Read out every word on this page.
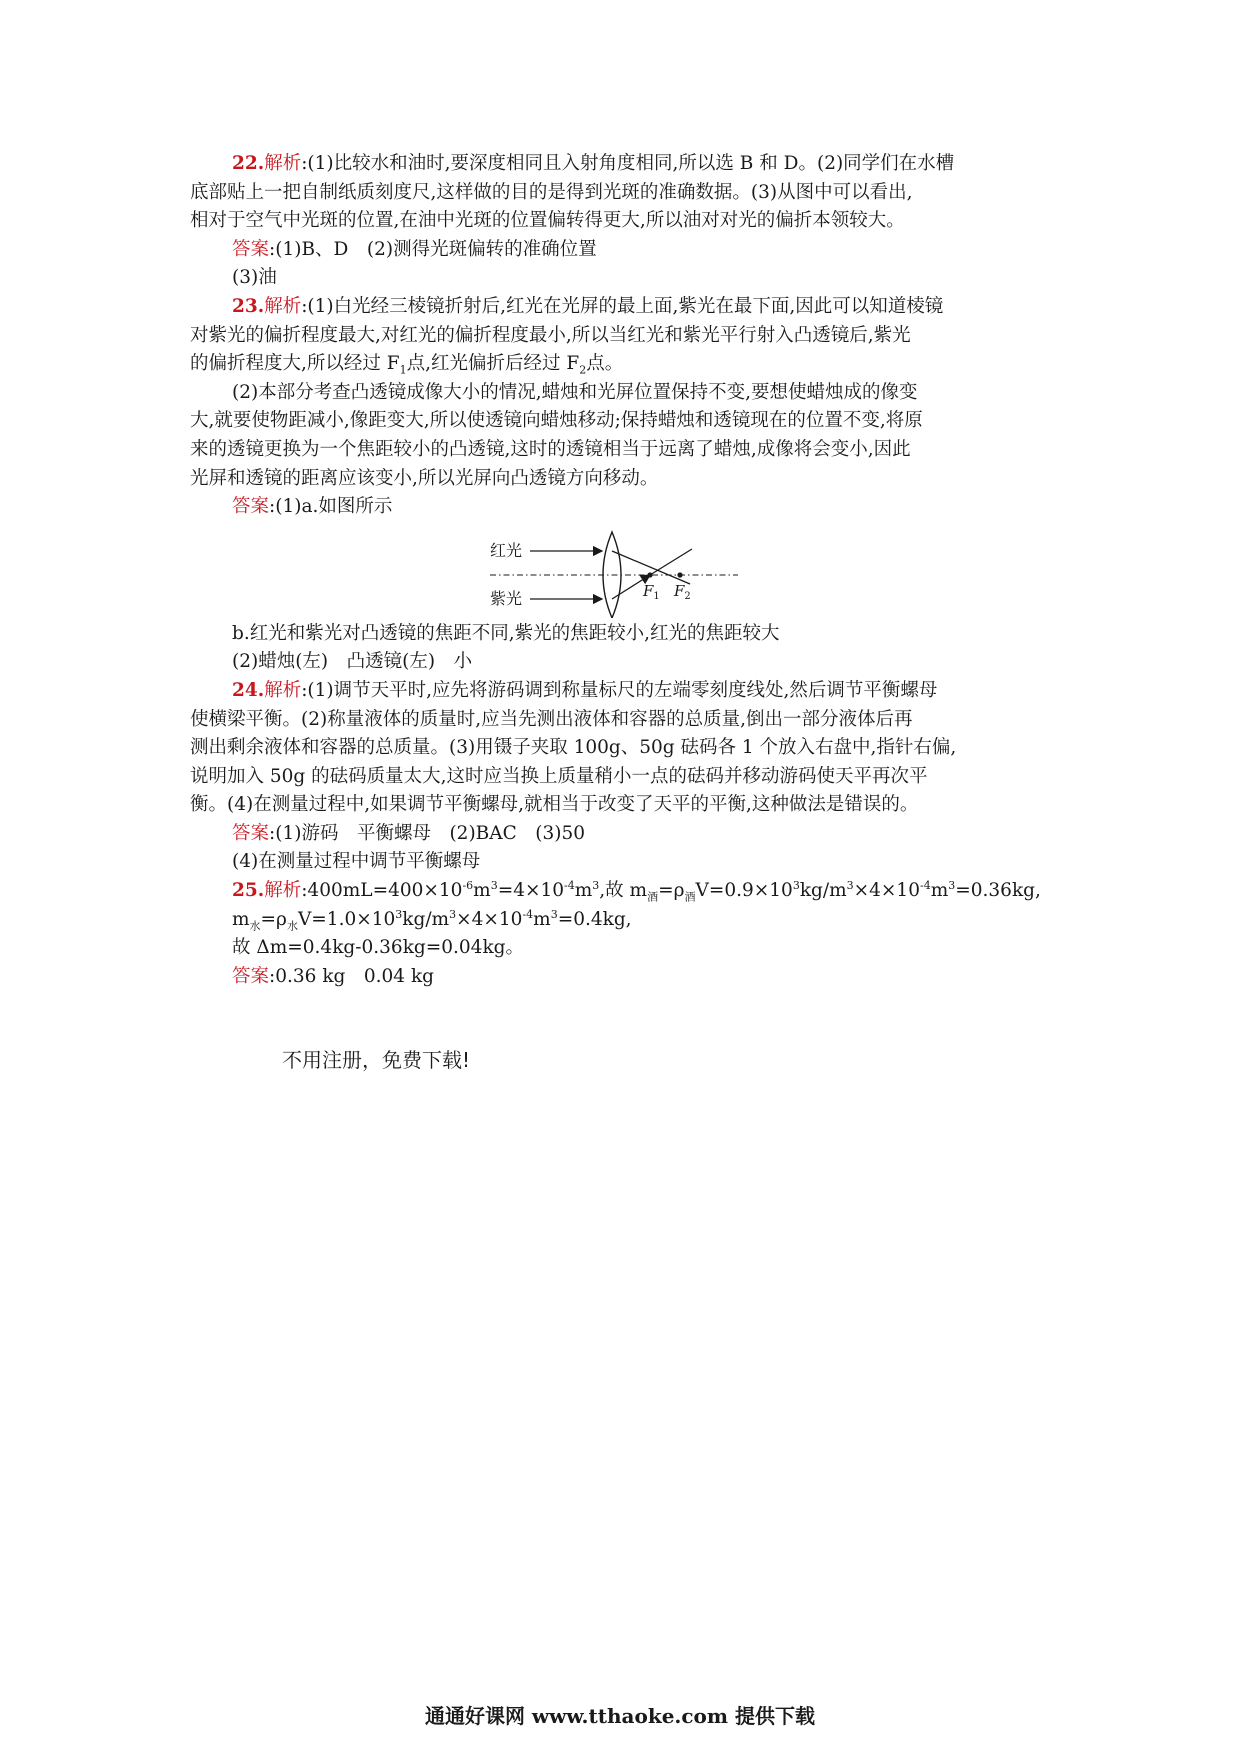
22.解析:(1)比较水和油时,要深度相同且入射角度相同,所以选 B 和 D。(2)同学们在水槽

底部贴上一把自制纸质刻度尺,这样做的目的是得到光斑的准确数据。(3)从图中可以看出,

相对于空气中光斑的位置,在油中光斑的位置偏转得更大,所以油对对光的偏折本领较大。

答案:(1)B、D　(2)测得光斑偏转的准确位置

(3)油

23.解析:(1)白光经三棱镜折射后,红光在光屏的最上面,紫光在最下面,因此可以知道棱镜

对紫光的偏折程度最大,对红光的偏折程度最小,所以当红光和紫光平行射入凸透镜后,紫光

的偏折程度大,所以经过 $F_1$点,红光偏折后经过 $F_2$点。

(2)本部分考查凸透镜成像大小的情况,蜡烛和光屏位置保持不变,要想使蜡烛成的像变

大,就要使物距减小,像距变大,所以使透镜向蜡烛移动;保持蜡烛和透镜现在的位置不变,将原

来的透镜更换为一个焦距较小的凸透镜,这时的透镜相当于远离了蜡烛,成像将会变小,因此

光屏和透镜的距离应该变小,所以光屏向凸透镜方向移动。

答案:(1)a.如图所示

红光
紫光	$F_1$ $F_2$

b.红光和紫光对凸透镜的焦距不同,紫光的焦距较小,红光的焦距较大

(2)蜡烛(左)　凸透镜(左)　小

24.解析:(1)调节天平时,应先将游码调到称量标尺的左端零刻度线处,然后调节平衡螺母

使横梁平衡。(2)称量液体的质量时,应当先测出液体和容器的总质量,倒出一部分液体后再

测出剩余液体和容器的总质量。(3)用镊子夹取 100g、50g 砝码各 1 个放入右盘中,指针右偏,

说明加入 50g 的砝码质量太大,这时应当换上质量稍小一点的砝码并移动游码使天平再次平

衡。(4)在测量过程中,如果调节平衡螺母,就相当于改变了天平的平衡,这种做法是错误的。

答案:(1)游码　平衡螺母　(2)BAC　(3)50

(4)在测量过程中调节平衡螺母

25.解析$:400mL=400\times 10^{-6}m^3=4\times 10^{-4}m^3$,故 $m_酒=\rho_酒V=0.9\times 10^3kg/m^3\times 4\times 10^{-4}m^3=0.36kg$,

$m_水=\rho_水V=1.0\times 10^3kg/m^3\times 4\times 10^{-4}m^3=0.4kg$,

故 Δm=0.4kg-0.36kg=0.04kg。

答案:0.36 kg　0.04 kg

不用注册，免费下载!
通通好课网 www.tthaoke.com 提供下载
